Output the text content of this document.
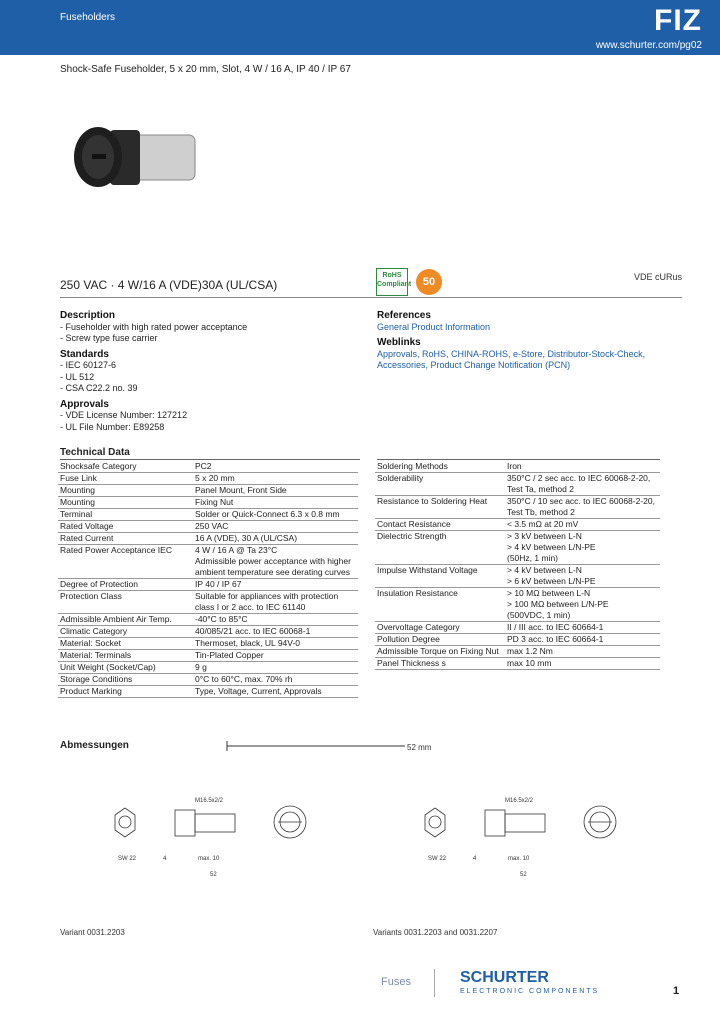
Fuseholders	FIZ
www.schurter.com/pg02
Shock-Safe Fuseholder, 5 x 20 mm, Slot, 4 W / 16 A, IP 40 / IP 67
250 VAC · 4 W/16 A (VDE)30A (UL/CSA)
RoHS Compliant	50	VDE cURus
Description
- Fuseholder with high rated power acceptance
- Screw type fuse carrier
Standards
- IEC 60127-6
- UL 512
- CSA C22.2 no. 39
Approvals
- VDE License Number: 127212
- UL File Number: E89258
References
General Product Information
Weblinks
Approvals, RoHS, CHINA-ROHS, e-Store, Distributor-Stock-Check,
Accessories, Product Change Notification (PCN)
Technical Data
Shocksafe Category	PC2
Fuse Link	5 x 20 mm
Mounting	Panel Mount, Front Side
Mounting	Fixing Nut
Terminal	Solder or Quick-Connect 6.3 x 0.8 mm
Rated Voltage	250 VAC
Rated Current	16 A (VDE), 30 A (UL/CSA)
Rated Power Acceptance IEC	4 W / 16 A @ Ta 23°C
Admissible power acceptance with higher ambient temperature see derating curves
Degree of Protection	IP 40 / IP 67
Protection Class	Suitable for appliances with protection class I or 2 acc. to IEC 61140
Admissible Ambient Air Temp.	-40°C to 85°C
Climatic Category	40/085/21 acc. to IEC 60068-1
Material: Socket	Thermoset, black, UL 94V-0
Material: Terminals	Tin-Plated Copper
Unit Weight (Socket/Cap)	9 g
Storage Conditions	0°C to 60°C, max. 70% rh
Product Marking	Type, Voltage, Current, Approvals
Soldering Methods	Iron
Solderability	350°C / 2 sec acc. to IEC 60068-2-20, Test Ta, method 2
Resistance to Soldering Heat	350°C / 10 sec acc. to IEC 60068-2-20, Test Tb, method 2
Contact Resistance	< 3.5 mΩ at 20 mV
Dielectric Strength	> 3 kV between L-N
> 4 kV between L/N-PE
(50Hz, 1 min)
Impulse Withstand Voltage	> 4 kV between L-N
> 6 kV between L/N-PE
Insulation Resistance	> 10 MΩ between L-N
> 100 MΩ between L/N-PE
(500VDC, 1 min)
Overvoltage Category	II / III acc. to IEC 60664-1
Pollution Degree	PD 3 acc. to IEC 60664-1
Admissible Torque on Fixing Nut	max 1.2 Nm
Panel Thickness s	max 10 mm
Abmessungen	52 mm
M16.5x2/2
SW 22	4	max. 10
52
M16.5x2/2
SW 22	4	max. 10
52
Variant 0031.2203	Variants 0031.2203 and 0031.2207
Fuses	SCHURTER
ELECTRONIC COMPONENTS	1
